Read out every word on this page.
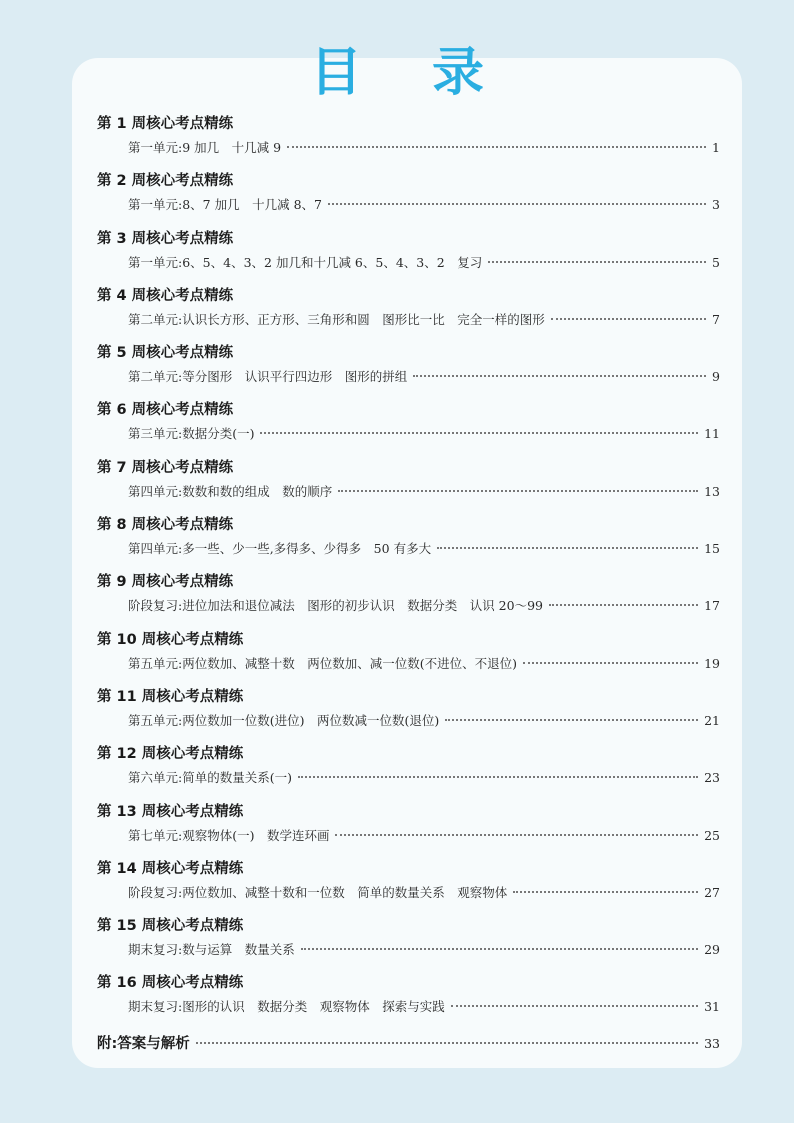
目 录
第 1 周核心考点精练
第一单元:9 加几　十几减 9	1
第 2 周核心考点精练
第一单元:8、7 加几　十几减 8、7	3
第 3 周核心考点精练
第一单元:6、5、4、3、2 加几和十几减 6、5、4、3、2　复习	5
第 4 周核心考点精练
第二单元:认识长方形、正方形、三角形和圆　图形比一比　完全一样的图形	7
第 5 周核心考点精练
第二单元:等分图形　认识平行四边形　图形的拼组	9
第 6 周核心考点精练
第三单元:数据分类(一)	11
第 7 周核心考点精练
第四单元:数数和数的组成　数的顺序	13
第 8 周核心考点精练
第四单元:多一些、少一些,多得多、少得多　50 有多大	15
第 9 周核心考点精练
阶段复习:进位加法和退位减法　图形的初步认识　数据分类　认识 20～99	17
第 10 周核心考点精练
第五单元:两位数加、减整十数　两位数加、减一位数(不进位、不退位)	19
第 11 周核心考点精练
第五单元:两位数加一位数(进位)　两位数减一位数(退位)	21
第 12 周核心考点精练
第六单元:简单的数量关系(一)	23
第 13 周核心考点精练
第七单元:观察物体(一)　数学连环画	25
第 14 周核心考点精练
阶段复习:两位数加、减整十数和一位数　简单的数量关系　观察物体	27
第 15 周核心考点精练
期末复习:数与运算　数量关系	29
第 16 周核心考点精练
期末复习:图形的认识　数据分类　观察物体　探索与实践	31
附:答案与解析	33
